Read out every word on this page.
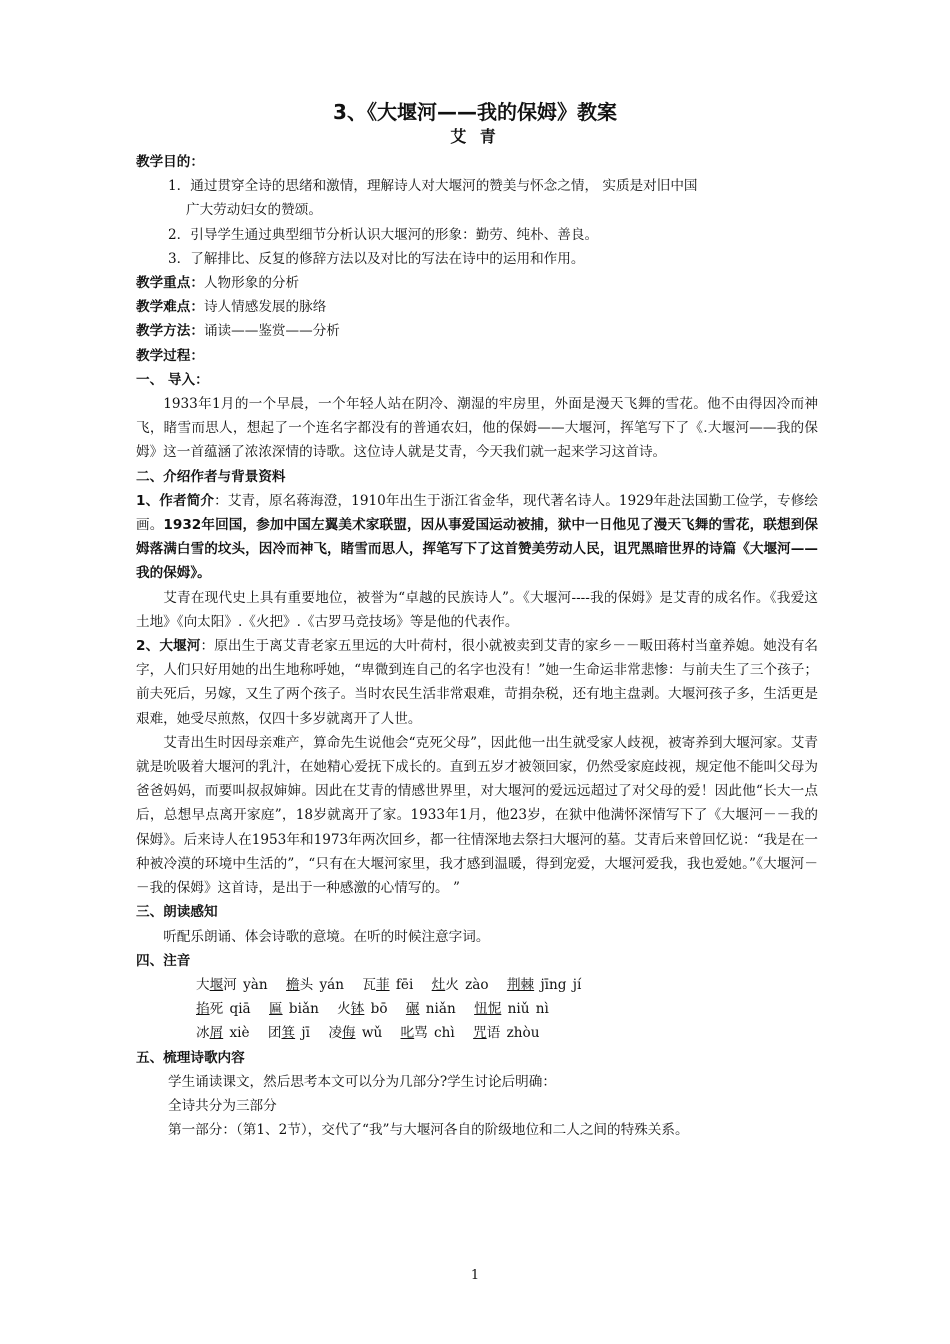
3、《大堰河——我的保姆》教案
艾 青

教学目的：

1．通过贯穿全诗的思绪和激情，理解诗人对大堰河的赞美与怀念之情， 实质是对旧中国

广大劳动妇女的赞颂。

2．引导学生通过典型细节分析认识大堰河的形象：勤劳、纯朴、善良。

3．了解排比、反复的修辞方法以及对比的写法在诗中的运用和作用。

教学重点：人物形象的分析

教学难点：诗人情感发展的脉络

教学方法：诵读——鉴赏——分析

教学过程：

一、 导入：

1933年1月的一个早晨，一个年轻人站在阴冷、潮湿的牢房里，外面是漫天飞舞的雪花。他不由得因冷而神飞，睹雪而思人，想起了一个连名字都没有的普通农妇，他的保姆——大堰河，挥笔写下了《.大堰河——我的保姆》这一首蕴涵了浓浓深情的诗歌。这位诗人就是艾青，今天我们就一起来学习这首诗。

二、介绍作者与背景资料

1、作者简介：艾青，原名蒋海澄，1910年出生于浙江省金华，现代著名诗人。1929年赴法国勤工俭学，专修绘画。1932年回国，参加中国左翼美术家联盟，因从事爱国运动被捕，狱中一日他见了漫天飞舞的雪花，联想到保姆落满白雪的坟头，因冷而神飞，睹雪而思人，挥笔写下了这首赞美劳动人民，诅咒黑暗世界的诗篇《大堰河——我的保姆》。

艾青在现代史上具有重要地位，被誉为“卓越的民族诗人”。《大堰河----我的保姆》是艾青的成名作。《我爱这土地》《向太阳》.《火把》.《古罗马竞技场》等是他的代表作。

2、大堰河：原出生于离艾青老家五里远的大叶荷村，很小就被卖到艾青的家乡－－畈田蒋村当童养媳。她没有名字，人们只好用她的出生地称呼她，“卑微到连自己的名字也没有！”她一生命运非常悲惨：与前夫生了三个孩子；前夫死后，另嫁，又生了两个孩子。当时农民生活非常艰难，苛捐杂税，还有地主盘剥。大堰河孩子多，生活更是艰难，她受尽煎熬，仅四十多岁就离开了人世。

艾青出生时因母亲难产，算命先生说他会“克死父母”，因此他一出生就受家人歧视，被寄养到大堰河家。艾青就是吮吸着大堰河的乳汁，在她精心爱抚下成长的。直到五岁才被领回家，仍然受家庭歧视，规定他不能叫父母为爸爸妈妈，而要叫叔叔婶婶。因此在艾青的情感世界里，对大堰河的爱远远超过了对父母的爱！因此他“长大一点后，总想早点离开家庭”，18岁就离开了家。1933年1月，他23岁，在狱中他满怀深情写下了《大堰河－－我的保姆》。后来诗人在1953年和1973年两次回乡，都一往情深地去祭扫大堰河的墓。艾青后来曾回忆说：“我是在一种被冷漠的环境中生活的”，“只有在大堰河家里，我才感到温暖，得到宠爱，大堰河爱我，我也爱她。”《大堰河－－我的保姆》这首诗，是出于一种感激的心情写的。 ”

三、朗读感知

听配乐朗诵、体会诗歌的意境。在听的时候注意字词。

四、注音

大堰河 yàn 檐头 yán 瓦菲 fēi 灶火 zào 荆棘 jīng jí

掐死 qiā 匾 biǎn 火钵 bō 碾 niǎn 忸怩 niǔ nì

冰屑 xiè 团箕 jī 凌侮 wǔ 叱骂 chì 咒语 zhòu

五、梳理诗歌内容

学生诵读课文，然后思考本文可以分为几部分?学生讨论后明确：

全诗共分为三部分

第一部分：（第1、2节），交代了“我”与大堰河各自的阶级地位和二人之间的特殊关系。

1
